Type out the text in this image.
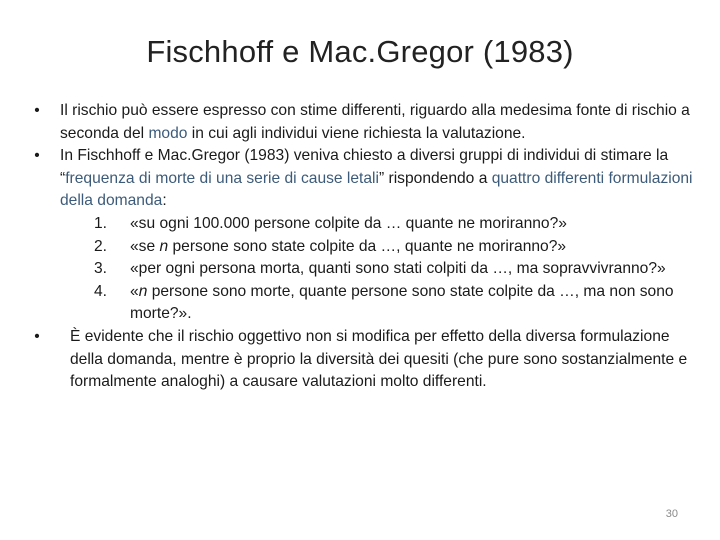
Fischhoff e Mac.Gregor (1983)
• Il rischio può essere espresso con stime differenti, riguardo alla medesima fonte di rischio a seconda del modo in cui agli individui viene richiesta la valutazione.
• In Fischhoff e Mac.Gregor (1983) veniva chiesto a diversi gruppi di individui di stimare la “frequenza di morte di una serie di cause letali” rispondendo a quattro differenti formulazioni della domanda:
1. «su ogni 100.000 persone colpite da … quante ne moriranno?»
2. «se n persone sono state colpite da …, quante ne moriranno?»
3. «per ogni persona morta, quanti sono stati colpiti da …, ma sopravvivranno?»
4. «n persone sono morte, quante persone sono state colpite da …, ma non sono morte?».
• È evidente che il rischio oggettivo non si modifica per effetto della diversa formulazione della domanda, mentre è proprio la diversità dei quesiti (che pure sono sostanzialmente e formalmente analoghi) a causare valutazioni molto differenti.
30
